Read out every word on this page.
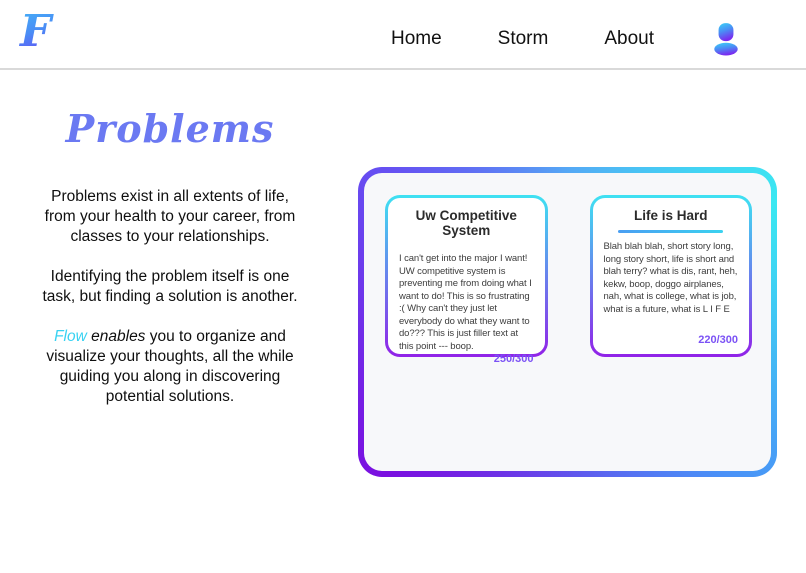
F	Home	Storm	About
Problems

Problems exist in all extents of life, from your health to your career, from classes to your relationships.

Identifying the problem itself is one task, but finding a solution is another.

Flow enables you to organize and visualize your thoughts, all the while guiding you along in discovering potential solutions.

Uw Competitive System
I can't get into the major I want! UW competitive system is preventing me from doing what I want to do! This is so frustrating :( Why can't they just let everybody do what they want to do??? This is just filler text at this point --- boop.
250/300
Life is Hard
Blah blah blah, short story long, long story short, life is short and blah terry? what is dis, rant, heh, kekw, boop, doggo airplanes, nah, what is college, what is job, what is a future, what is L I F E
220/300
